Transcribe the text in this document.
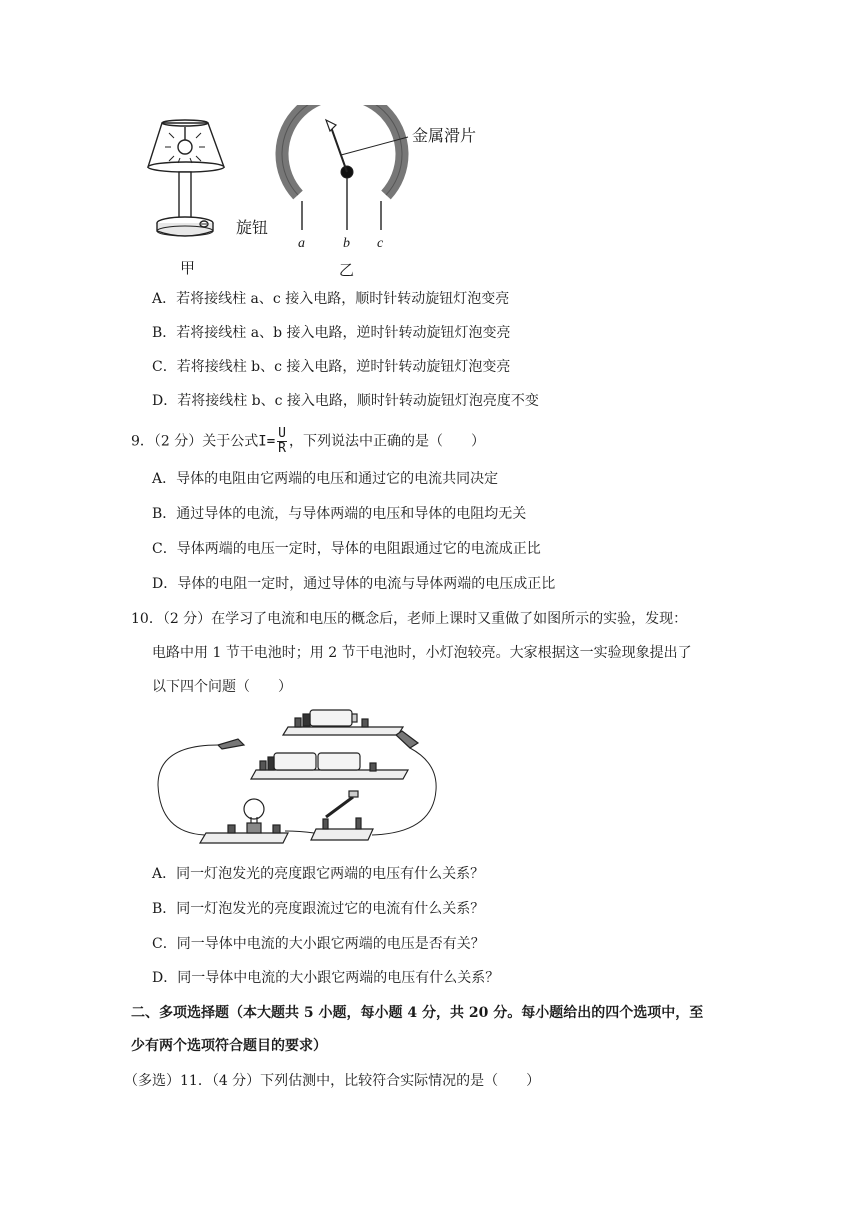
旋钮
甲
金属滑片
a	b c
乙
A．若将接线柱 a、c 接入电路，顺时针转动旋钮灯泡变亮
B．若将接线柱 a、b 接入电路，逆时针转动旋钮灯泡变亮
C．若将接线柱 b、c 接入电路，逆时针转动旋钮灯泡变亮
D．若将接线柱 b、c 接入电路，顺时针转动旋钮灯泡亮度不变
9．（2 分）关于公式$I= \frac{U}{R}$ ，下列说法中正确的是（　　）
A．导体的电阻由它两端的电压和通过它的电流共同决定
B．通过导体的电流，与导体两端的电压和导体的电阻均无关
C．导体两端的电压一定时，导体的电阻跟通过它的电流成正比
D．导体的电阻一定时，通过导体的电流与导体两端的电压成正比
10．（2 分）在学习了电流和电压的概念后，老师上课时又重做了如图所示的实验，发现：
电路中用 1 节干电池时；用 2 节干电池时，小灯泡较亮。大家根据这一实验现象提出了
以下四个问题（　　）
A．同一灯泡发光的亮度跟它两端的电压有什么关系？
B．同一灯泡发光的亮度跟流过它的电流有什么关系？
C．同一导体中电流的大小跟它两端的电压是否有关？
D．同一导体中电流的大小跟它两端的电压有什么关系？
二、多项选择题（本大题共 5 小题，每小题 4 分，共 20 分。每小题给出的四个选项中，至
少有两个选项符合题目的要求）
（多选）11．（4 分）下列估测中，比较符合实际情况的是（　　）
